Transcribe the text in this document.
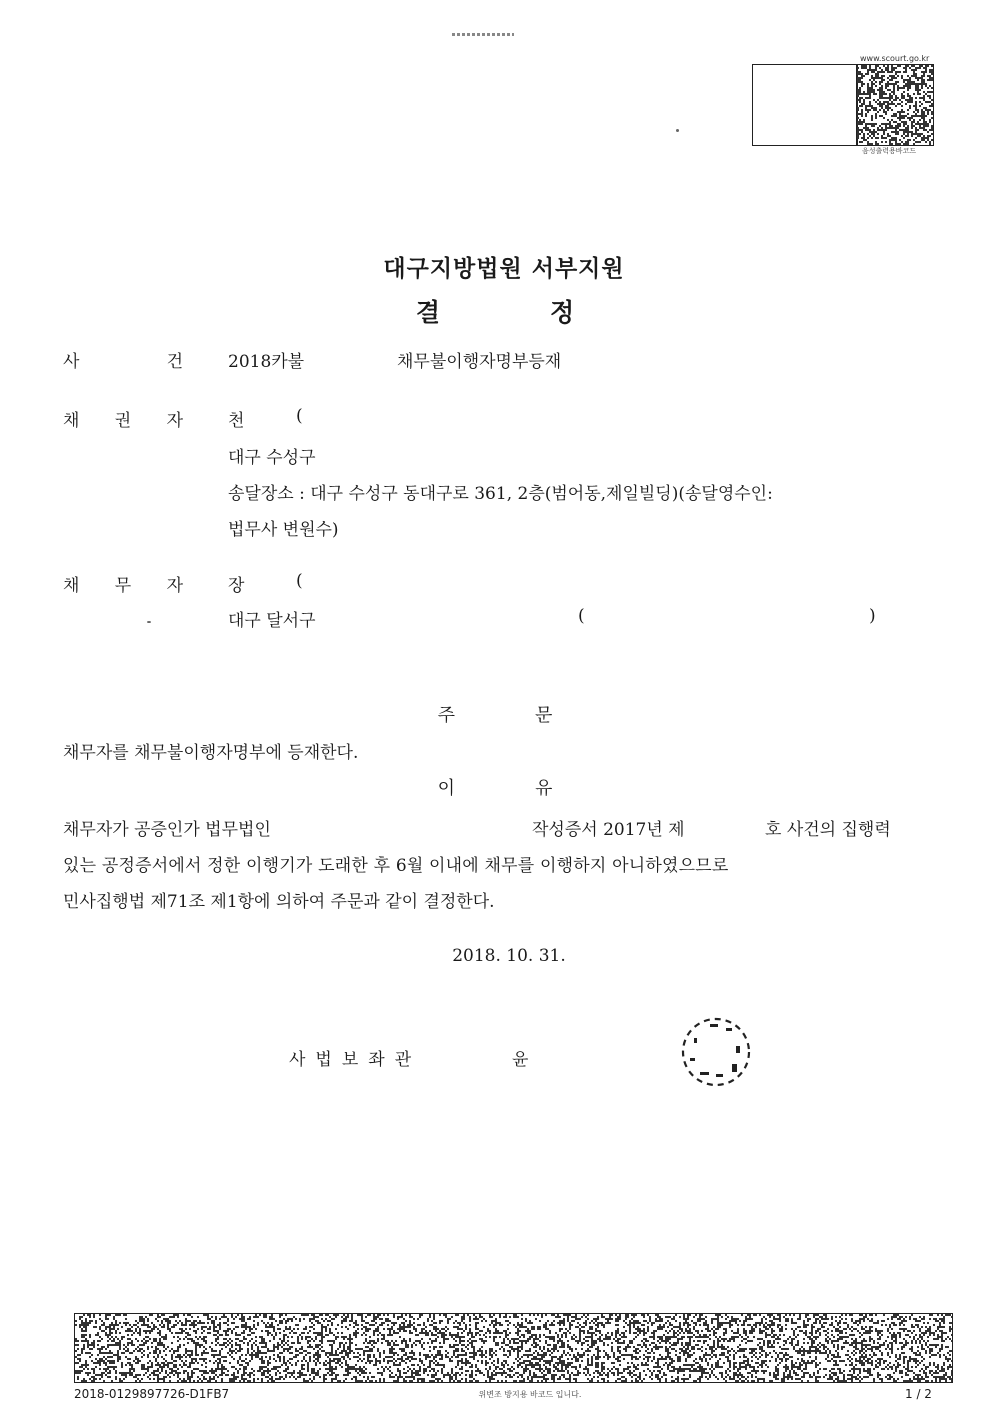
www.scourt.go.kr
음성출력용바코드
대구지방법원 서부지원
결정
사	건	2018카불	채무불이행자명부등재
채 권 자	천	(
대구 수성구
송달장소 : 대구 수성구 동대구로 361, 2층(범어동,제일빌딩)(송달영수인:
법무사 변원수)
채 무 자	장	(
대구 달서구	(	)
주문
채무자를 채무불이행자명부에 등재한다.
이유
채무자가 공증인가 법무법인	작성증서 2017년 제	호 사건의 집행력
있는 공정증서에서 정한 이행기가 도래한 후 6월 이내에 채무를 이행하지 아니하였으므로
민사집행법 제71조 제1항에 의하여 주문과 같이 결정한다.
2018. 10. 31.
사법보좌관	윤
2018-0129897726-D1FB7	위변조 방지용 바코드 입니다.	1 / 2
